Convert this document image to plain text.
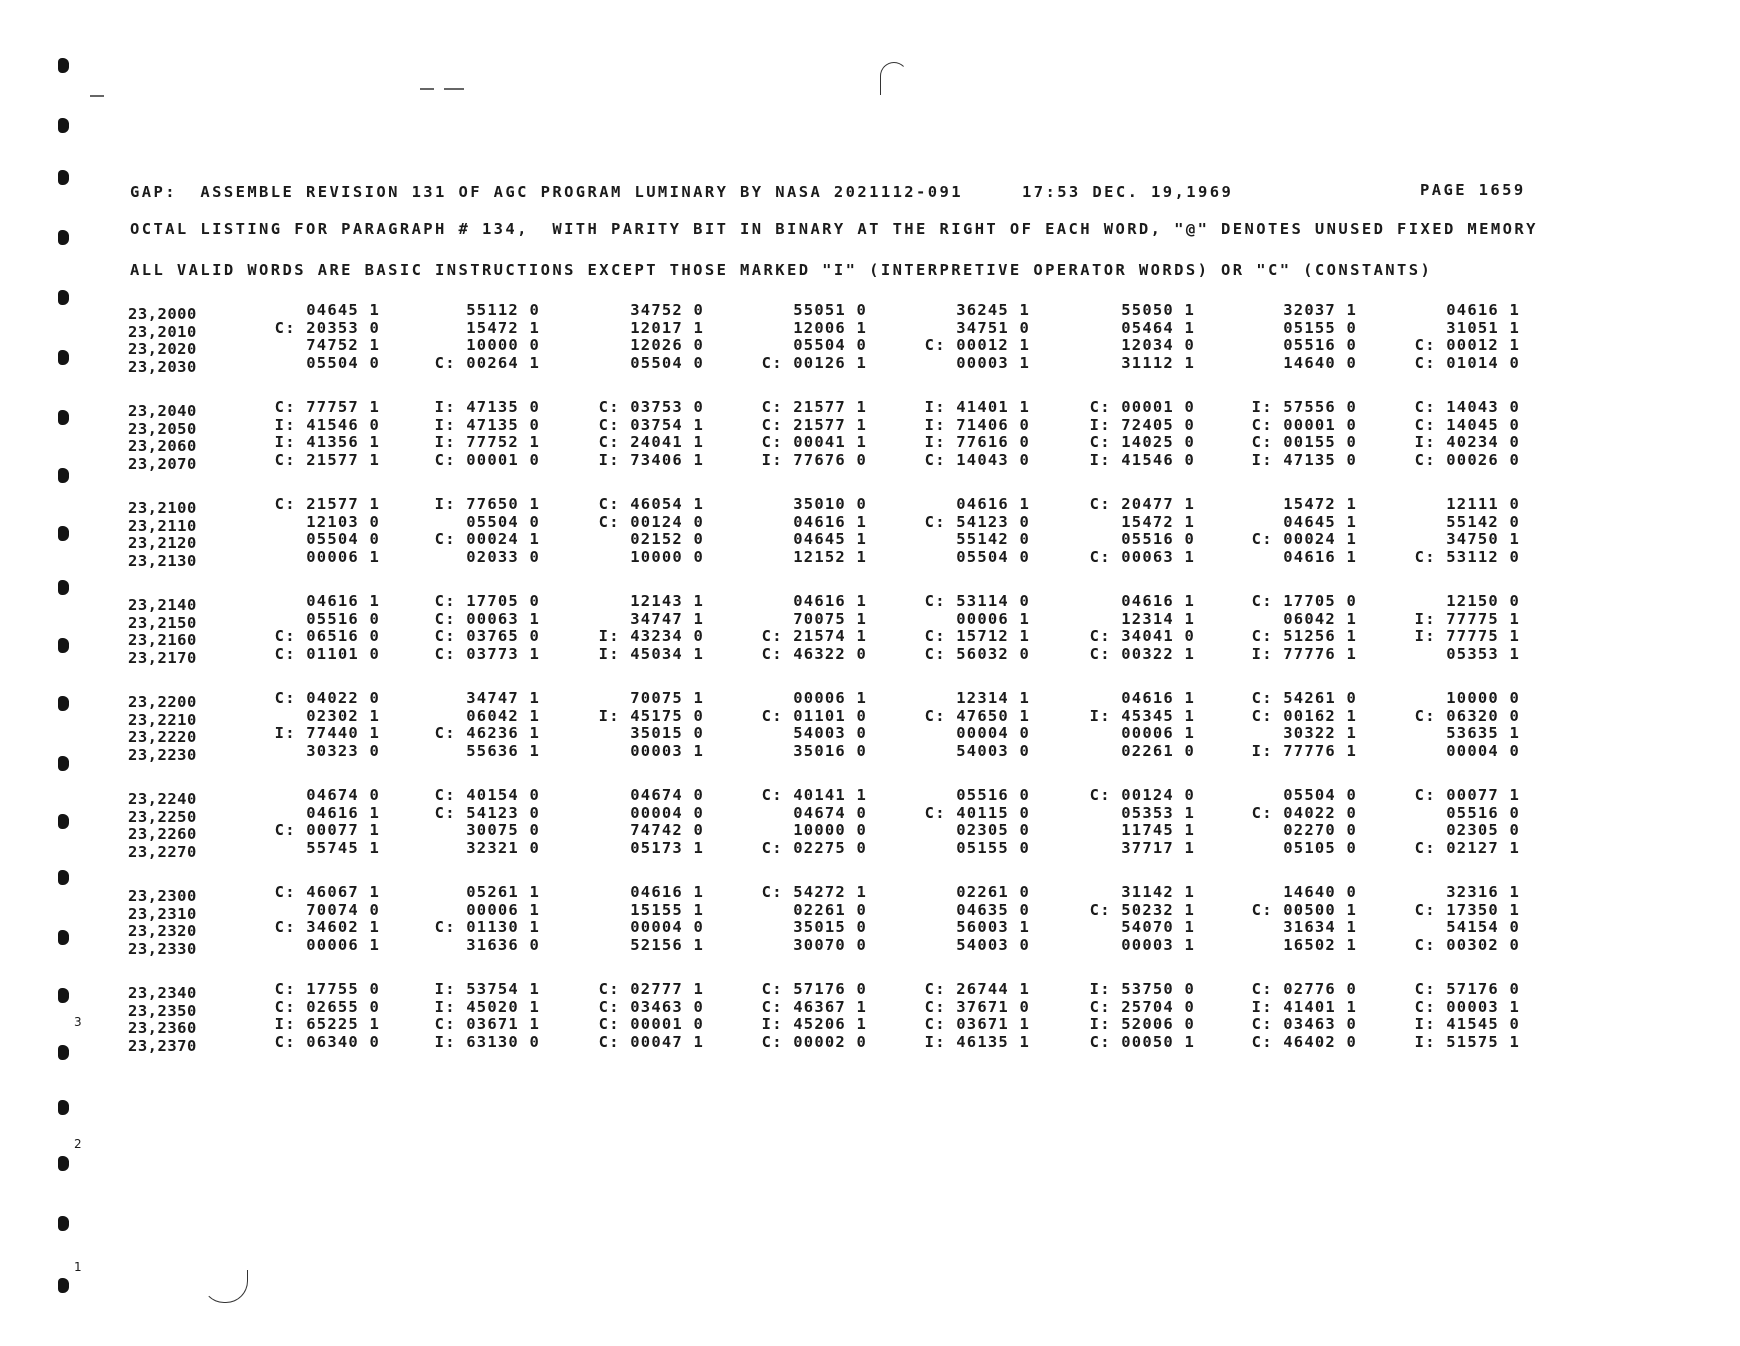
GAP:  ASSEMBLE REVISION 131 OF AGC PROGRAM LUMINARY BY NASA 2021112-091	17:53 DEC. 19,1969	PAGE 1659
OCTAL LISTING FOR PARAGRAPH # 134,  WITH PARITY BIT IN BINARY AT THE RIGHT OF EACH WORD, "@" DENOTES UNUSED FIXED MEMORY
ALL VALID WORDS ARE BASIC INSTRUCTIONS EXCEPT THOSE MARKED "I" (INTERPRETIVE OPERATOR WORDS) OR "C" (CONSTANTS)
23,2000	04645 1	55112 0	34752 0	55051 0	36245 1	55050 1	32037 1	04616 1
23,2010	C: 20353 0	15472 1	12017 1	12006 1	34751 0	05464 1	05155 0	31051 1
23,2020	74752 1	10000 0	12026 0	05504 0	C: 00012 1	12034 0	05516 0	C: 00012 1
23,2030	05504 0	C: 00264 1	05504 0	C: 00126 1	00003 1	31112 1	14640 0	C: 01014 0
23,2040	C: 77757 1	I: 47135 0	C: 03753 0	C: 21577 1	I: 41401 1	C: 00001 0	I: 57556 0	C: 14043 0
23,2050	I: 41546 0	I: 47135 0	C: 03754 1	C: 21577 1	I: 71406 0	I: 72405 0	C: 00001 0	C: 14045 0
23,2060	I: 41356 1	I: 77752 1	C: 24041 1	C: 00041 1	I: 77616 0	C: 14025 0	C: 00155 0	I: 40234 0
23,2070	C: 21577 1	C: 00001 0	I: 73406 1	I: 77676 0	C: 14043 0	I: 41546 0	I: 47135 0	C: 00026 0
23,2100	C: 21577 1	I: 77650 1	C: 46054 1	35010 0	04616 1	C: 20477 1	15472 1	12111 0
23,2110	12103 0	05504 0	C: 00124 0	04616 1	C: 54123 0	15472 1	04645 1	55142 0
23,2120	05504 0	C: 00024 1	02152 0	04645 1	55142 0	05516 0	C: 00024 1	34750 1
23,2130	00006 1	02033 0	10000 0	12152 1	05504 0	C: 00063 1	04616 1	C: 53112 0
23,2140	04616 1	C: 17705 0	12143 1	04616 1	C: 53114 0	04616 1	C: 17705 0	12150 0
23,2150	05516 0	C: 00063 1	34747 1	70075 1	00006 1	12314 1	06042 1	I: 77775 1
23,2160	C: 06516 0	C: 03765 0	I: 43234 0	C: 21574 1	C: 15712 1	C: 34041 0	C: 51256 1	I: 77775 1
23,2170	C: 01101 0	C: 03773 1	I: 45034 1	C: 46322 0	C: 56032 0	C: 00322 1	I: 77776 1	05353 1
23,2200	C: 04022 0	34747 1	70075 1	00006 1	12314 1	04616 1	C: 54261 0	10000 0
23,2210	02302 1	06042 1	I: 45175 0	C: 01101 0	C: 47650 1	I: 45345 1	C: 00162 1	C: 06320 0
23,2220	I: 77440 1	C: 46236 1	35015 0	54003 0	00004 0	00006 1	30322 1	53635 1
23,2230	30323 0	55636 1	00003 1	35016 0	54003 0	02261 0	I: 77776 1	00004 0
23,2240	04674 0	C: 40154 0	04674 0	C: 40141 1	05516 0	C: 00124 0	05504 0	C: 00077 1
23,2250	04616 1	C: 54123 0	00004 0	04674 0	C: 40115 0	05353 1	C: 04022 0	05516 0
23,2260	C: 00077 1	30075 0	74742 0	10000 0	02305 0	11745 1	02270 0	02305 0
23,2270	55745 1	32321 0	05173 1	C: 02275 0	05155 0	37717 1	05105 0	C: 02127 1
23,2300	C: 46067 1	05261 1	04616 1	C: 54272 1	02261 0	31142 1	14640 0	32316 1
23,2310	70074 0	00006 1	15155 1	02261 0	04635 0	C: 50232 1	C: 00500 1	C: 17350 1
23,2320	C: 34602 1	C: 01130 1	00004 0	35015 0	56003 1	54070 1	31634 1	54154 0
23,2330	00006 1	31636 0	52156 1	30070 0	54003 0	00003 1	16502 1	C: 00302 0
23,2340	C: 17755 0	I: 53754 1	C: 02777 1	C: 57176 0	C: 26744 1	I: 53750 0	C: 02776 0	C: 57176 0
23,2350	C: 02655 0	I: 45020 1	C: 03463 0	C: 46367 1	C: 37671 0	C: 25704 0	I: 41401 1	C: 00003 1
23,2360	I: 65225 1	C: 03671 1	C: 00001 0	I: 45206 1	C: 03671 1	I: 52006 0	C: 03463 0	I: 41545 0
23,2370	C: 06340 0	I: 63130 0	C: 00047 1	C: 00002 0	I: 46135 1	C: 00050 1	C: 46402 0	I: 51575 1
3
2
1
